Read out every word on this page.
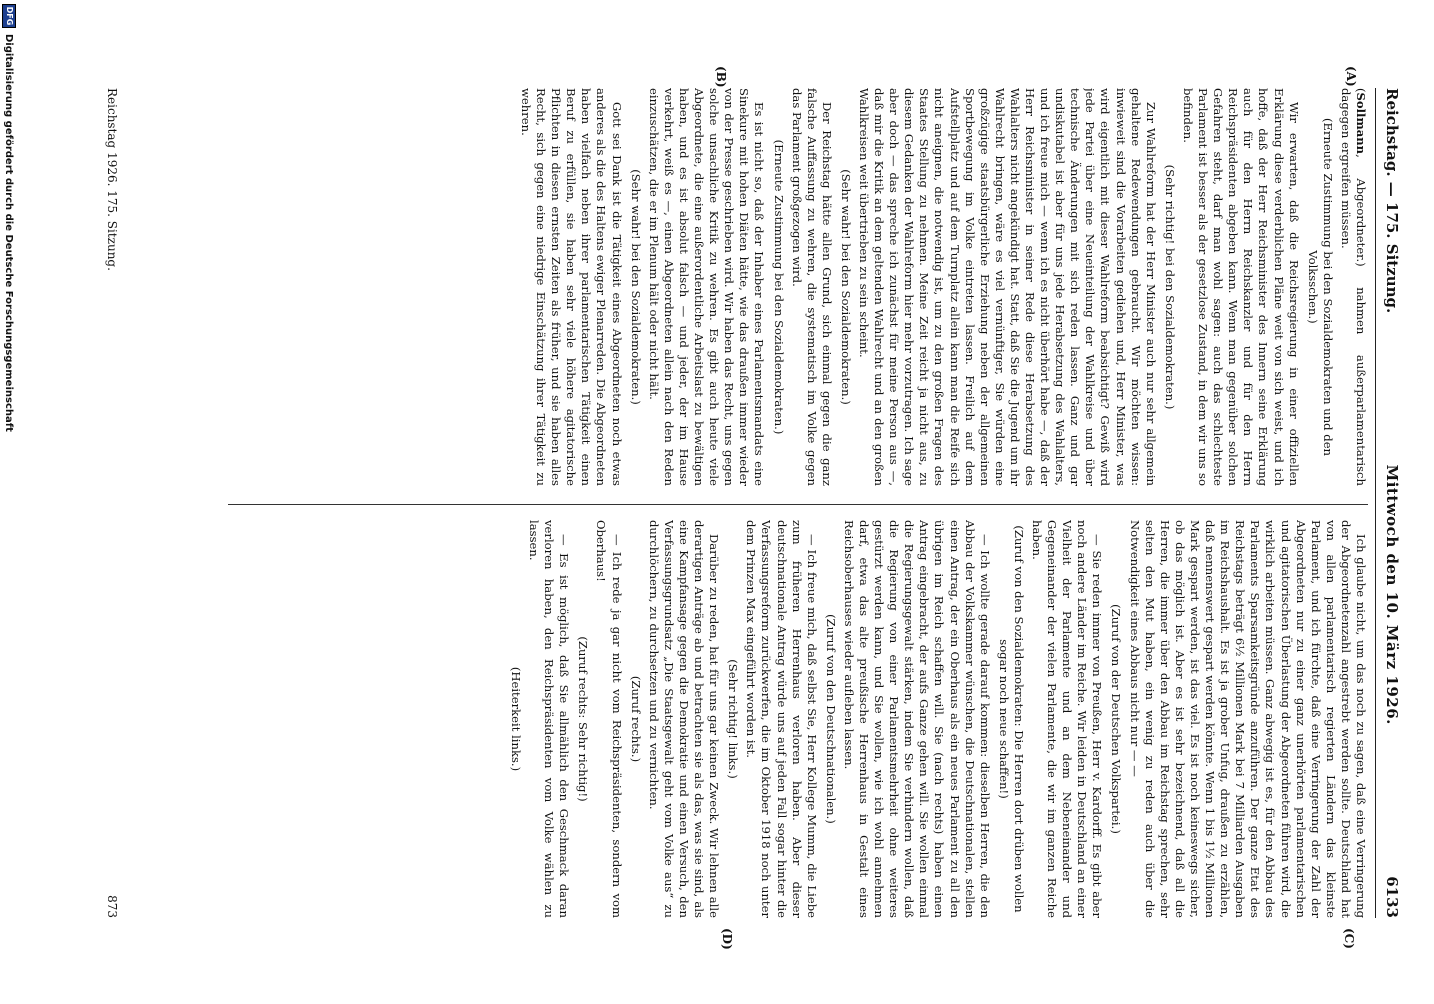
Reichstag. — 175. Sitzung.
Mittwoch den 10. März 1926.
6133

(Sollmann, Abgeordneter.) nahmen außerparlamentarisch dagegen ergreifen müssen.

(Erneute Zustimmung bei den Sozialdemokraten und den Volksschen.)

Wir erwarten, daß die Reichsregierung in einer offiziellen Erklärung diese verderblichen Pläne weit von sich weist, und ich hoffe, daß der Herr Reichsminister des Innern seine Erklärung auch für den Herrn Reichskanzler und für den Herrn Reichspräsidenten abgeben kann. Wenn man gegenüber solchen Gefahren steht, darf man wohl sagen: auch das schlechteste Parlament ist besser als der gesetzlose Zustand, in dem wir uns so befinden.

(Sehr richtig! bei den Sozialdemokraten.)

Zur Wahlreform hat der Herr Minister auch nur sehr allgemein gehaltene Redewendungen gebraucht. Wir möchten wissen: inwieweit sind die Vorarbeiten gediehen und, Herr Minister, was wird eigentlich mit dieser Wahlreform beabsichtigt? Gewiß wird jede Partei über eine Neueinteilung der Wahlkreise und über technische Änderungen mit sich reden lassen. Ganz und gar undiskutabel ist aber für uns jede Herabsetzung des Wahlalters, und ich freue mich — wenn ich es nicht überhört habe —, daß der Herr Reichsminister in seiner Rede diese Herabsetzung des Wahlalters nicht angekündigt hat. Statt, daß Sie die Jugend um ihr Wahlrecht bringen, wäre es viel vernünftiger, Sie würden eine großzügige staatsbürgerliche Erziehung neben der allgemeinen Sportbewegung im Volke eintreten lassen. Freilich auf dem Aufstellplatz und auf dem Turnplatz allein kann man die Reife sich nicht aneignen, die notwendig ist, um zu den großen Fragen des Staates Stellung zu nehmen. Meine Zeit reicht ja nicht aus, zu diesem Gedanken der Wahlreform hier mehr vorzutragen. Ich sage aber doch — das spreche ich zunächst für meine Person aus —, daß mir die Kritik an dem geltenden Wahlrecht und an den großen Wahlkreisen weit übertrieben zu sein scheint.

(Sehr wahr! bei den Sozialdemokraten.)

Der Reichstag hätte allen Grund, sich einmal gegen die ganz falsche Auffassung zu wehren, die systematisch im Volke gegen das Parlament großgezogen wird.

(Erneute Zustimmung bei den Sozialdemokraten.)

Es ist nicht so, daß der Inhaber eines Parlamentsmandats eine Sinekure mit hohen Diäten hätte, wie das draußen immer wieder von der Presse geschrieben wird. Wir haben das Recht, uns gegen solche unsachliche Kritik zu wehren. Es gibt auch heute viele Abgeordnete, die eine außerordentliche Arbeitslast zu bewältigen haben, und es ist absolut falsch — und jeder, der im Hause verkehrt, weiß es —, einen Abgeordneten allein nach den Reden einzuschätzen, die er im Plenum hält oder nicht hält.

(Sehr wahr! bei den Sozialdemokraten.)

Gott sei Dank ist die Tätigkeit eines Abgeordneten noch etwas anderes als die des Haltens ewiger Plenarreden. Die Abgeordneten haben vielfach neben ihrer parlamentarischen Tätigkeit einen Beruf zu erfüllen, sie haben sehr viele höhere agitatorische Pflichten in diesen ernsten Zeiten als früher, und sie haben alles Recht, sich gegen eine niedrige Einschätzung ihrer Tätigkeit zu wehren.

Ich glaube nicht, um das noch zu sagen, daß eine Verringerung der Abgeordnetenzahl angestrebt werden sollte. Deutschland hat von allen parlamentarisch regierten Ländern das kleinste Parlament, und ich fürchte, daß eine Verringerung der Zahl der Abgeordneten nur zu einer ganz unerhörten parlamentarischen und agitatorischen Überlastung der Abgeordneten führen wird, die wirklich arbeiten müssen. Ganz abwegig ist es, für den Abbau des Parlaments Sparsamkeitsgründe anzuführen. Der ganze Etat des Reichstags beträgt 6½ Millionen Mark bei 7 Milliarden Ausgaben im Reichshaushalt. Es ist ja grober Unfug, draußen zu erzählen, daß nennenswert gespart werden könnte. Wenn 1 bis 1½ Millionen Mark gespart werden, ist das viel. Es ist noch keineswegs sicher, ob das möglich ist. Aber es ist sehr bezeichnend, daß all die Herren, die immer über den Abbau im Reichstag sprechen, sehr selten den Mut haben, ein wenig zu reden auch über die Notwendigkeit eines Abbaus nicht nur — —

(Zuruf von der Deutschen Volkspartei.)

— Sie reden immer von Preußen, Herr v. Kardorff. Es gibt aber noch andere Länder im Reiche. Wir leiden in Deutschland an einer Vielheit der Parlamente und an dem Nebeneinander und Gegeneinander der vielen Parlamente, die wir im ganzen Reiche haben.

(Zuruf von den Sozialdemokraten: Die Herren dort drüben wollen sogar noch neue schaffen!)

— Ich wollte gerade darauf kommen: dieselben Herren, die den Abbau der Volkskammer wünschen, die Deutschnationalen, stellen einen Antrag, der ein Oberhaus als ein neues Parlament zu all den übrigen im Reich schaffen will. Sie (nach rechts) haben einen Antrag eingebracht, der aufs Ganze gehen will. Sie wollen einmal die Regierungsgewalt stärken, indem Sie verhindern wollen, daß die Regierung von einer Parlamentsmehrheit ohne weiteres gestürzt werden kann, und Sie wollen, wie ich wohl annehmen darf, etwa das alte preußische Herrenhaus in Gestalt eines Reichsoberhauses wieder aufleben lassen.

(Zuruf von den Deutschnationalen.)

— Ich freue mich, daß selbst Sie, Herr Kollege Mumm, die Liebe zum früheren Herrenhaus verloren haben. Aber dieser deutschnationale Antrag würde uns auf jeden Fall sogar hinter die Verfassungsreform zurückwerfen, die im Oktober 1918 noch unter dem Prinzen Max eingeführt worden ist.

(Sehr richtig! links.)

Darüber zu reden, hat für uns gar keinen Zweck. Wir lehnen alle derartigen Anträge ab und betrachten sie als das, was sie sind, als eine Kampfansage gegen die Demokratie und einen Versuch, den Verfassungsgrundsatz „Die Staatsgewalt geht vom Volke aus“ zu durchlöchern, zu durchsetzen und zu vernichten.

(Zuruf rechts.)

— Ich rede ja gar nicht vom Reichspräsidenten, sondern vom Oberhaus!

(Zuruf rechts: Sehr richtig!)

— Es ist möglich, daß Sie allmählich den Geschmack daran verloren haben, den Reichspräsidenten vom Volke wählen zu lassen.

(Heiterkeit links.)

(A)
(B)
(C)
(D)
Reichstag 1926. 175. Sitzung.
873
DFG
Digitalisierung gefördert durch die Deutsche Forschungsgemeinschaft
